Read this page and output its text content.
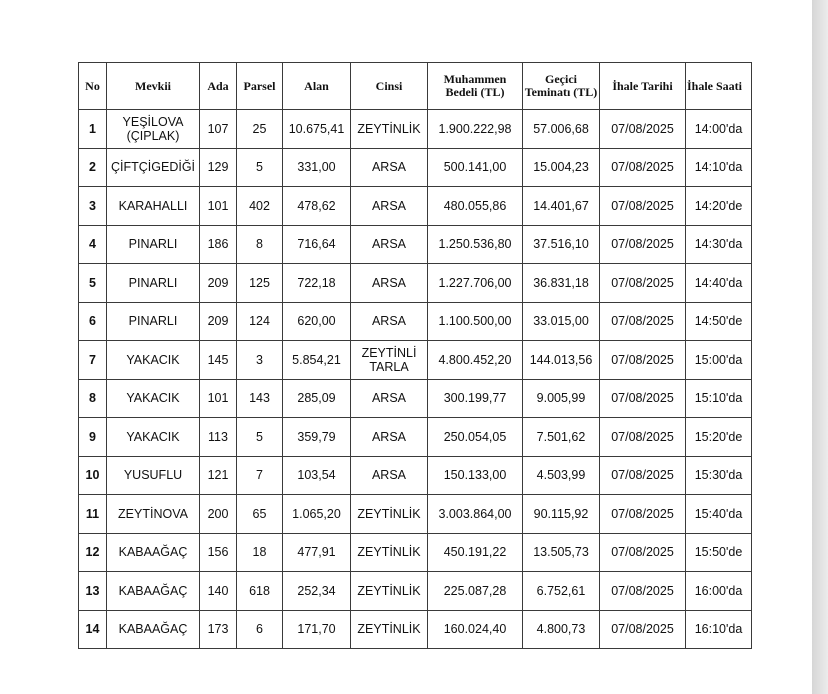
No	Mevkii	Ada	Parsel	Alan	Cinsi	Muhammen Bedeli (TL)	Geçici Teminatı (TL)	İhale Tarihi	İhale Saati
1	YEŞİLOVA (ÇIPLAK)	107	25	10.675,41	ZEYTİNLİK	1.900.222,98	57.006,68	07/08/2025	14:00'da
2	ÇİFTÇİGEDİĞİ	129	5	331,00	ARSA	500.141,00	15.004,23	07/08/2025	14:10'da
3	KARAHALLI	101	402	478,62	ARSA	480.055,86	14.401,67	07/08/2025	14:20'de
4	PINARLI	186	8	716,64	ARSA	1.250.536,80	37.516,10	07/08/2025	14:30'da
5	PINARLI	209	125	722,18	ARSA	1.227.706,00	36.831,18	07/08/2025	14:40'da
6	PINARLI	209	124	620,00	ARSA	1.100.500,00	33.015,00	07/08/2025	14:50'de
7	YAKACIK	145	3	5.854,21	ZEYTİNLİ TARLA	4.800.452,20	144.013,56	07/08/2025	15:00'da
8	YAKACIK	101	143	285,09	ARSA	300.199,77	9.005,99	07/08/2025	15:10'da
9	YAKACIK	113	5	359,79	ARSA	250.054,05	7.501,62	07/08/2025	15:20'de
10	YUSUFLU	121	7	103,54	ARSA	150.133,00	4.503,99	07/08/2025	15:30'da
11	ZEYTİNOVA	200	65	1.065,20	ZEYTİNLİK	3.003.864,00	90.115,92	07/08/2025	15:40'da
12	KABAAĞAÇ	156	18	477,91	ZEYTİNLİK	450.191,22	13.505,73	07/08/2025	15:50'de
13	KABAAĞAÇ	140	618	252,34	ZEYTİNLİK	225.087,28	6.752,61	07/08/2025	16:00'da
14	KABAAĞAÇ	173	6	171,70	ZEYTİNLİK	160.024,40	4.800,73	07/08/2025	16:10'da
